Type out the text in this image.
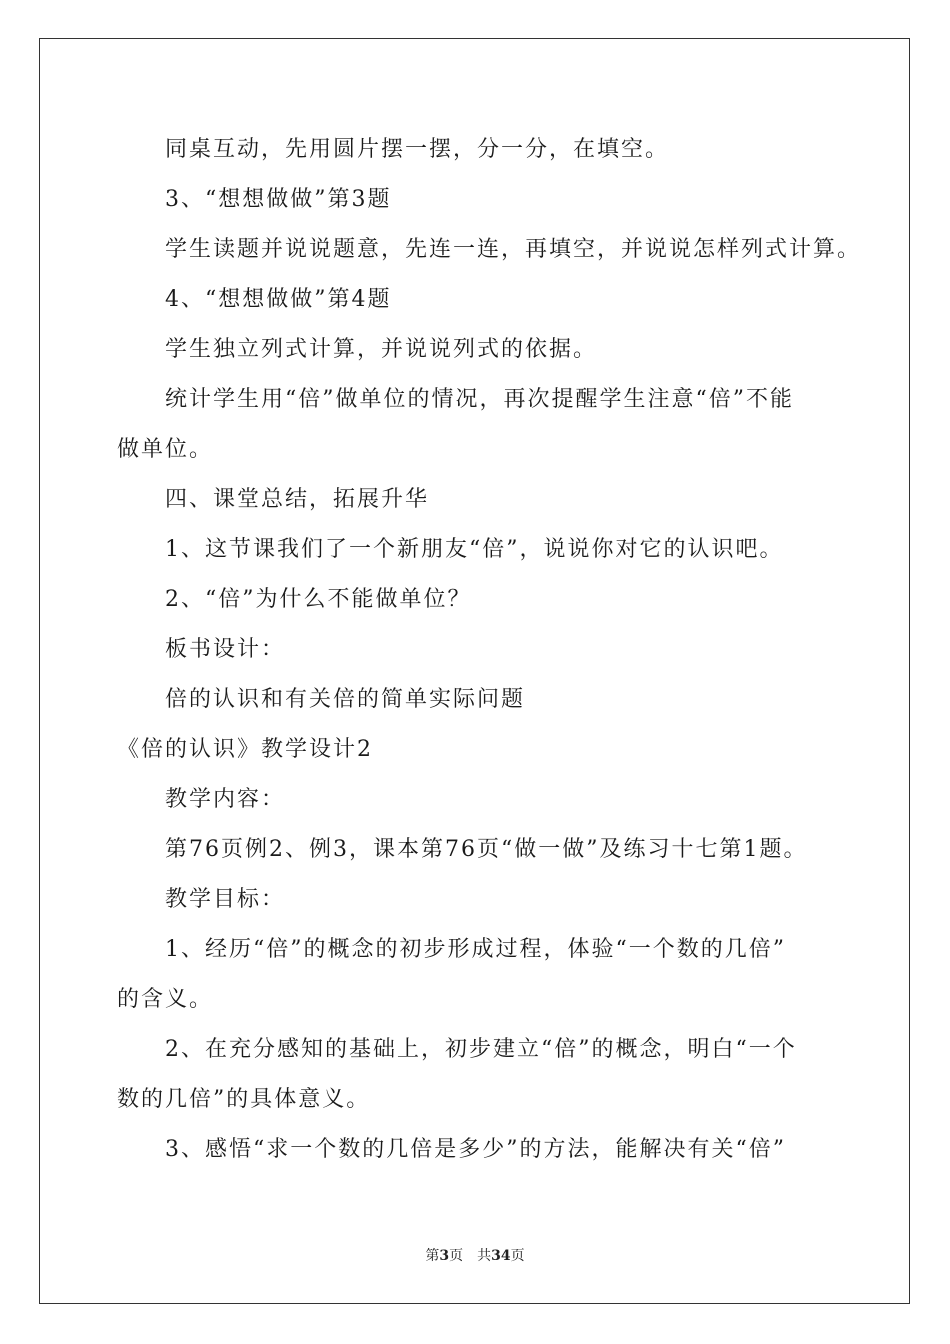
同桌互动，先用圆片摆一摆，分一分，在填空。
3、“想想做做”第3题
学生读题并说说题意，先连一连，再填空，并说说怎样列式计算。
4、“想想做做”第4题
学生独立列式计算，并说说列式的依据。
统计学生用“倍”做单位的情况，再次提醒学生注意“倍”不能
做单位。
四、课堂总结，拓展升华
1、这节课我们了一个新朋友“倍”，说说你对它的认识吧。
2、“倍”为什么不能做单位？
板书设计：
倍的认识和有关倍的简单实际问题
《倍的认识》教学设计2
教学内容：
第76页例2、例3，课本第76页“做一做”及练习十七第1题。
教学目标：
1、经历“倍”的概念的初步形成过程，体验“一个数的几倍”
的含义。
2、在充分感知的基础上，初步建立“倍”的概念，明白“一个
数的几倍”的具体意义。
3、感悟“求一个数的几倍是多少”的方法，能解决有关“倍”
第3页　共34页
